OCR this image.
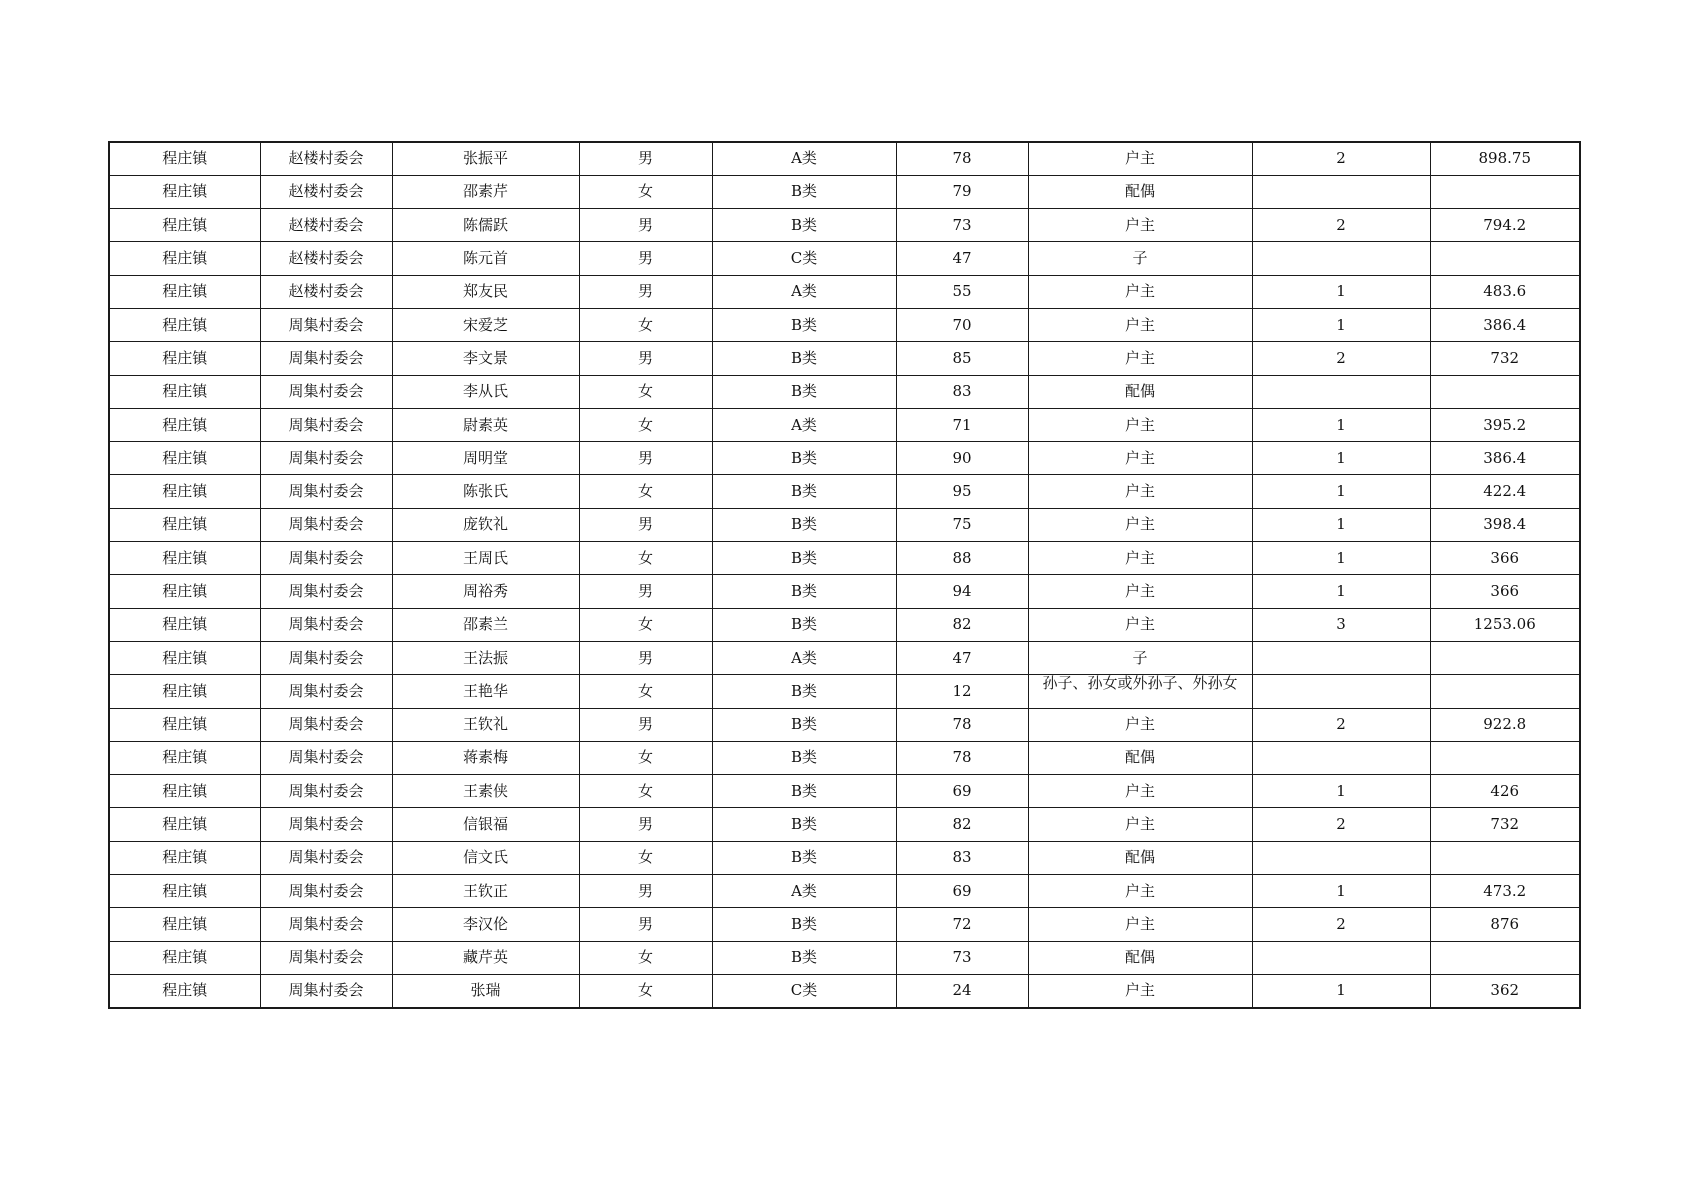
程庄镇	赵楼村委会	张振平	男	A类	78	户主	2	898.75
程庄镇	赵楼村委会	邵素芹	女	B类	79	配偶		
程庄镇	赵楼村委会	陈儒跃	男	B类	73	户主	2	794.2
程庄镇	赵楼村委会	陈元首	男	C类	47	子		
程庄镇	赵楼村委会	郑友民	男	A类	55	户主	1	483.6
程庄镇	周集村委会	宋爱芝	女	B类	70	户主	1	386.4
程庄镇	周集村委会	李文景	男	B类	85	户主	2	732
程庄镇	周集村委会	李从氏	女	B类	83	配偶		
程庄镇	周集村委会	尉素英	女	A类	71	户主	1	395.2
程庄镇	周集村委会	周明堂	男	B类	90	户主	1	386.4
程庄镇	周集村委会	陈张氏	女	B类	95	户主	1	422.4
程庄镇	周集村委会	庞钦礼	男	B类	75	户主	1	398.4
程庄镇	周集村委会	王周氏	女	B类	88	户主	1	366
程庄镇	周集村委会	周裕秀	男	B类	94	户主	1	366
程庄镇	周集村委会	邵素兰	女	B类	82	户主	3	1253.06
程庄镇	周集村委会	王法振	男	A类	47	子		
程庄镇	周集村委会	王艳华	女	B类	12	孙子、孙女或外孙子、外孙女		

程庄镇	周集村委会	王钦礼	男	B类	78	户主	2	922.8
程庄镇	周集村委会	蒋素梅	女	B类	78	配偶		
程庄镇	周集村委会	王素侠	女	B类	69	户主	1	426
程庄镇	周集村委会	信银福	男	B类	82	户主	2	732
程庄镇	周集村委会	信文氏	女	B类	83	配偶		
程庄镇	周集村委会	王钦正	男	A类	69	户主	1	473.2
程庄镇	周集村委会	李汉伦	男	B类	72	户主	2	876
程庄镇	周集村委会	藏芹英	女	B类	73	配偶		
程庄镇	周集村委会	张瑞	女	C类	24	户主	1	362
